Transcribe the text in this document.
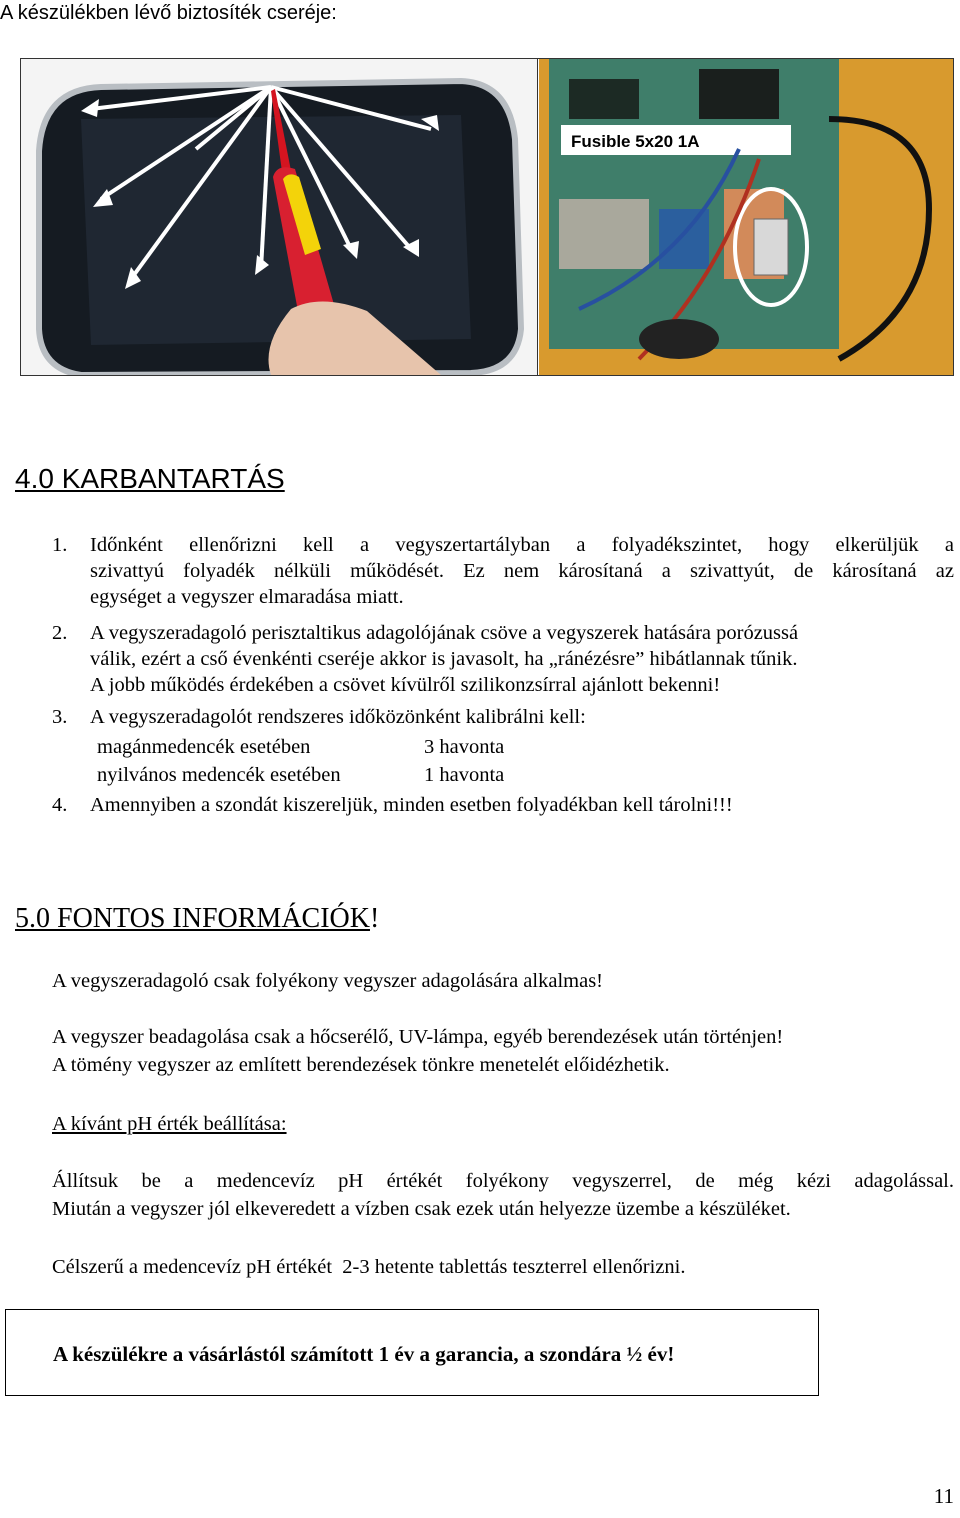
A készülékben lévő biztosíték cseréje:
Fusible 5x20 1A
4.0 KARBANTARTÁS
1. Időnként ellenőrizni kell a vegyszertartályban a folyadékszintet, hogy elkerüljük a
szivattyú folyadék nélküli működését. Ez nem károsítaná a szivattyút, de károsítaná az
egységet a vegyszer elmaradása miatt.
2. A vegyszeradagoló perisztaltikus adagolójának csöve a vegyszerek hatására porózussá
válik, ezért a cső évenkénti cseréje akkor is javasolt, ha „ránézésre” hibátlannak tűnik.
A jobb működés érdekében a csövet kívülről szilikonzsírral ajánlott bekenni!
3. A vegyszeradagolót rendszeres időközönként kalibrálni kell:
magánmedencék esetében	3 havonta
nyilvános medencék esetében	1 havonta
4. Amennyiben a szondát kiszereljük, minden esetben folyadékban kell tárolni!!!
5.0 FONTOS INFORMÁCIÓK!
A vegyszeradagoló csak folyékony vegyszer adagolására alkalmas!
A vegyszer beadagolása csak a hőcserélő, UV-lámpa, egyéb berendezések után történjen!
A tömény vegyszer az említett berendezések tönkre menetelét előidézhetik.
A kívánt pH érték beállítása:
Állítsuk be a medencevíz pH értékét folyékony vegyszerrel, de még kézi adagolással.
Miután a vegyszer jól elkeveredett a vízben csak ezek után helyezze üzembe a készüléket.
Célszerű a medencevíz pH értékét  2-3 hetente tablettás teszterrel ellenőrizni.
A készülékre a vásárlástól számított 1 év a garancia, a szondára ½ év!
11
